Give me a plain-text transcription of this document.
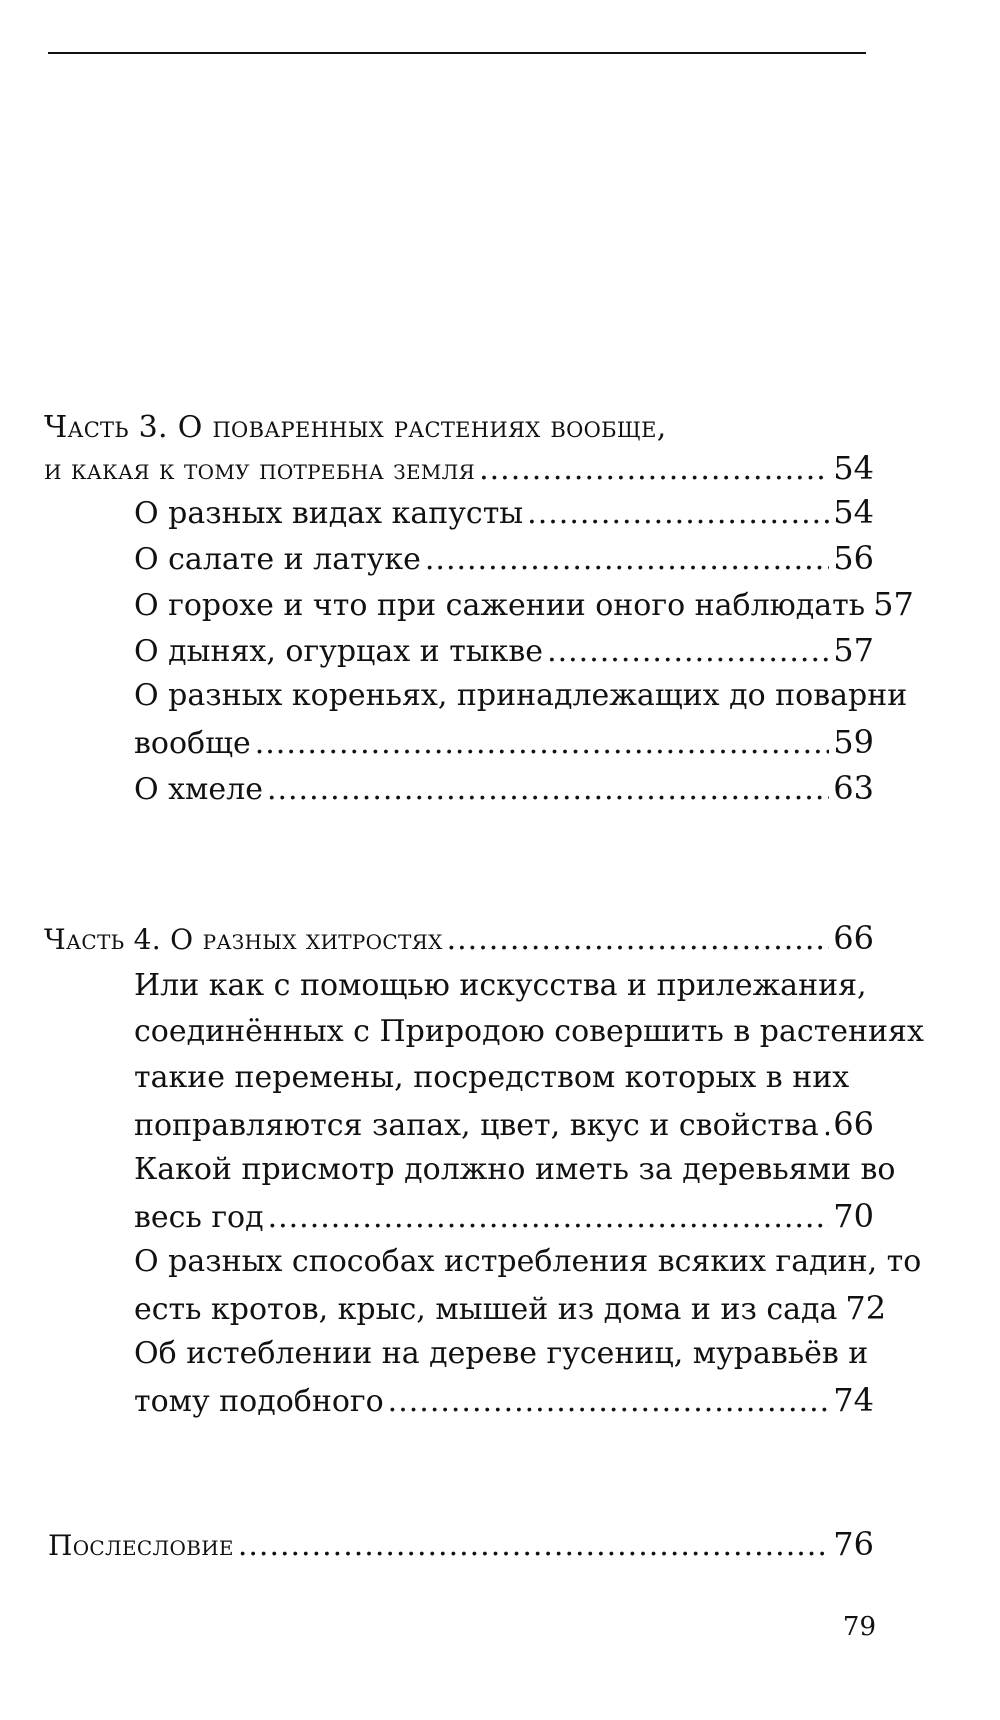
Часть 3. О поваренных растениях вообще,
и какая к тому потребна земля .....	54
О разных видах капусты .....	54
О салате и латуке .....	56
О горохе и что при сажении оного наблюдать 57
О дынях, огурцах и тыкве .....	57
О разных кореньях, принадлежащих до поварни
вообще .....	59
О хмеле .....	63
Часть 4. О разных хитростях .....	66
Или как с помощью искусства и прилежания,
соединённых с Природою совершить в растениях
такие перемены, посредством которых в них
поправляются запах, цвет, вкус и свойства ..... 66
Какой присмотр должно иметь за деревьями во
весь год .....	70
О разных способах истребления всяких гадин, то
есть кротов, крыс, мышей из дома и из сада 72
Об истеблении на дереве гусениц, муравьёв и
тому подобного .....	74
Послесловие .....	76
79
